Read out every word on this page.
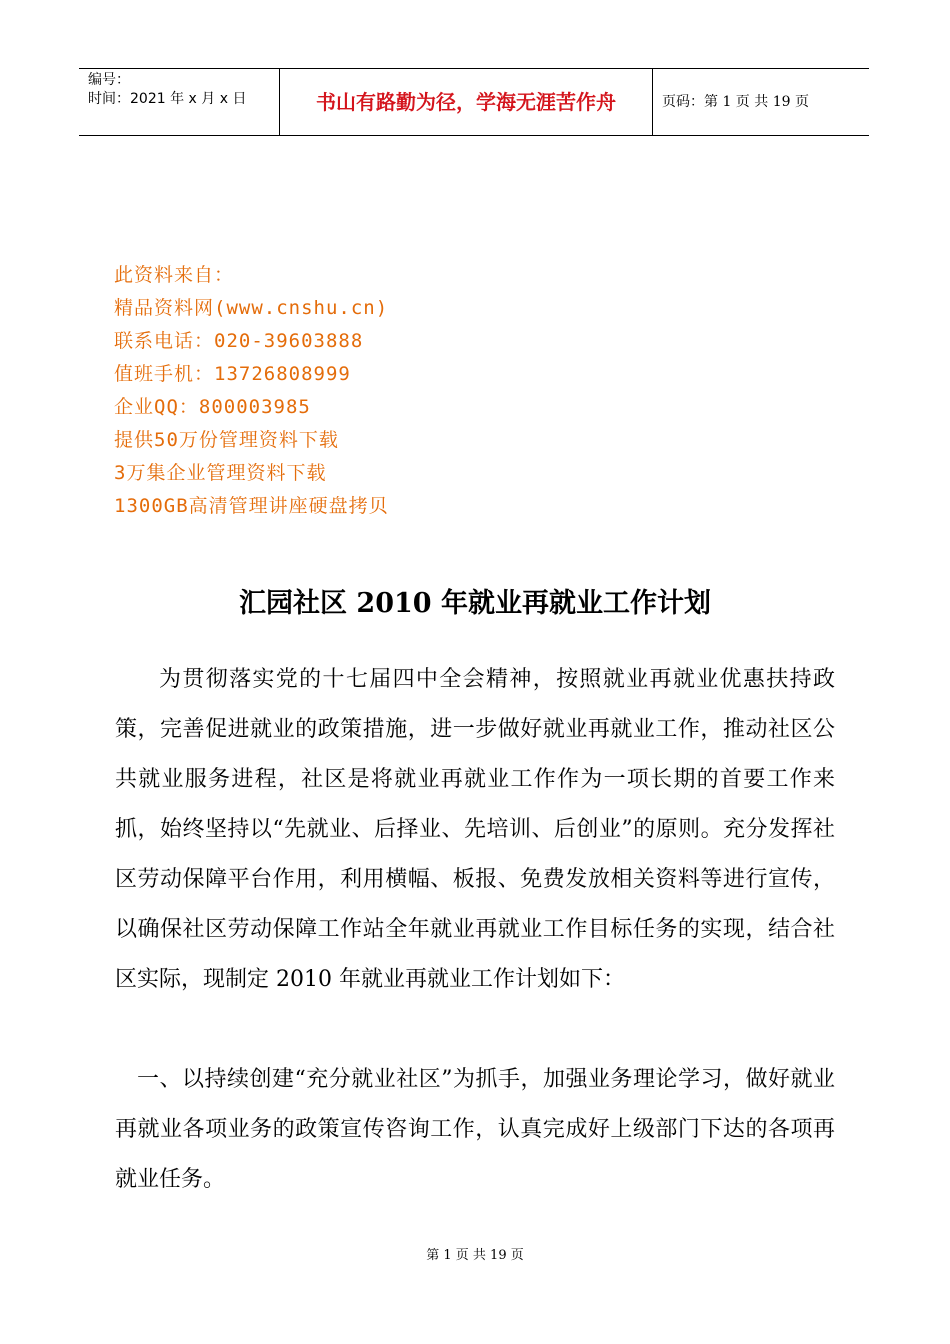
编号：
时间：2021 年 x 月 x 日	书山有路勤为径，学海无涯苦作舟	页码：第 1 页 共 19 页
此资料来自：
精品资料网(www.cnshu.cn)
联系电话：020-39603888
值班手机：13726808999
企业QQ：800003985
提供50万份管理资料下载
3万集企业管理资料下载
1300GB高清管理讲座硬盘拷贝
汇园社区 2010 年就业再就业工作计划

为贯彻落实党的十七届四中全会精神，按照就业再就业优惠扶持政策，完善促进就业的政策措施，进一步做好就业再就业工作，推动社区公共就业服务进程，社区是将就业再就业工作作为一项长期的首要工作来抓，始终坚持以“先就业、后择业、先培训、后创业”的原则。充分发挥社区劳动保障平台作用，利用横幅、板报、免费发放相关资料等进行宣传，以确保社区劳动保障工作站全年就业再就业工作目标任务的实现，结合社区实际，现制定 2010 年就业再就业工作计划如下：

一、以持续创建“充分就业社区”为抓手，加强业务理论学习，做好就业再就业各项业务的政策宣传咨询工作，认真完成好上级部门下达的各项再就业任务。

第 1 页 共 19 页
